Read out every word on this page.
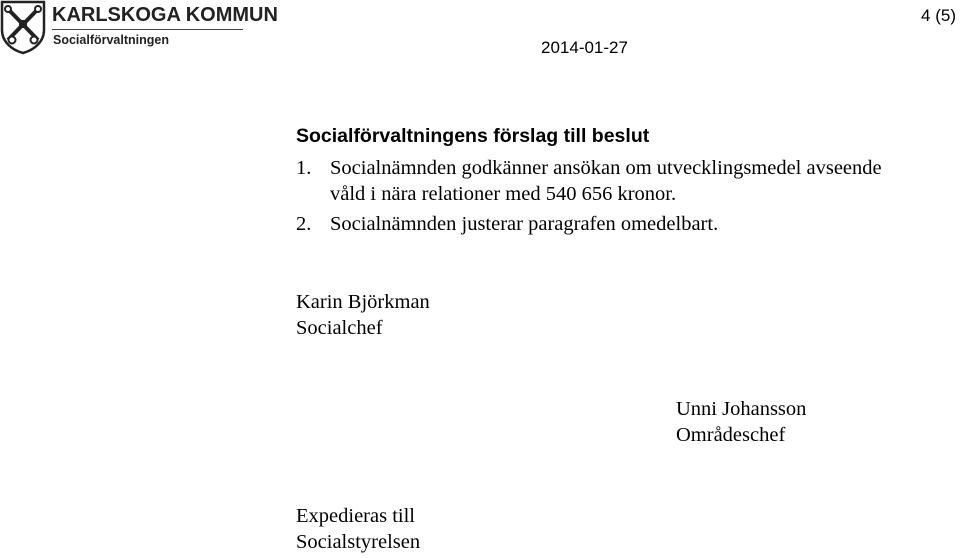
KARLSKOGA KOMMUN
Socialförvaltningen
4 (5)
2014-01-27
Socialförvaltningens förslag till beslut
1. Socialnämnden godkänner ansökan om utvecklingsmedel avseende
våld i nära relationer med 540 656 kronor.
2. Socialnämnden justerar paragrafen omedelbart.
Karin Björkman
Socialchef
Unni Johansson
Områdeschef
Expedieras till
Socialstyrelsen
